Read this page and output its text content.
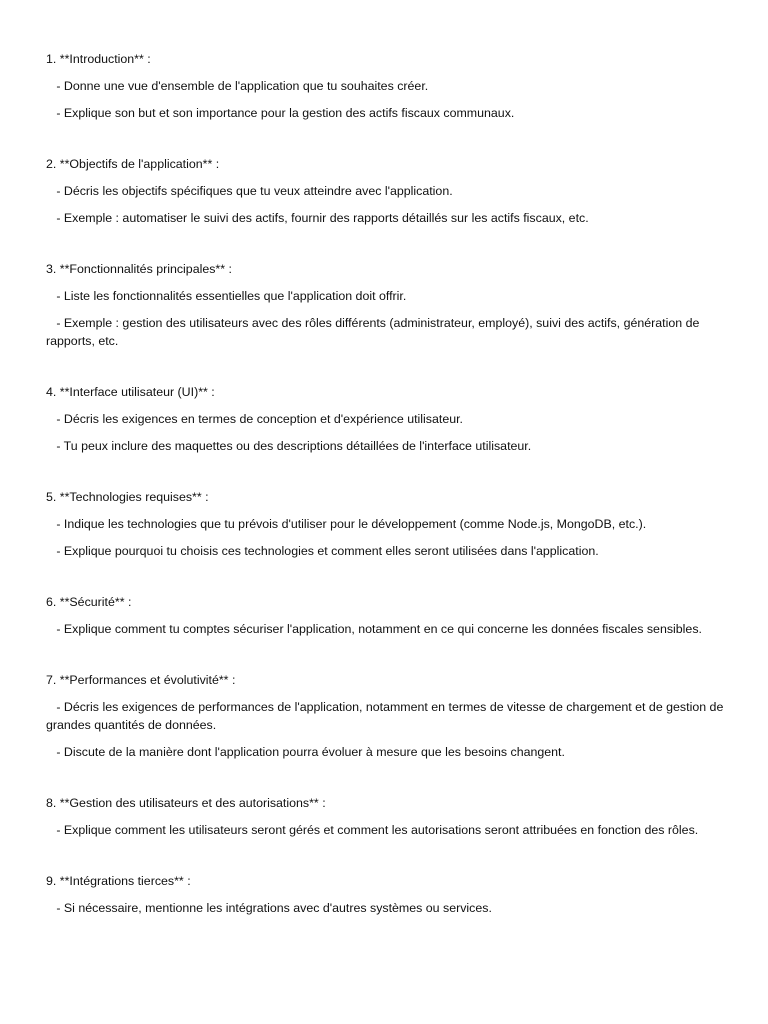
1. **Introduction** :
- Donne une vue d'ensemble de l'application que tu souhaites créer.
- Explique son but et son importance pour la gestion des actifs fiscaux communaux.
2. **Objectifs de l'application** :
- Décris les objectifs spécifiques que tu veux atteindre avec l'application.
- Exemple : automatiser le suivi des actifs, fournir des rapports détaillés sur les actifs fiscaux, etc.
3. **Fonctionnalités principales** :
- Liste les fonctionnalités essentielles que l'application doit offrir.
- Exemple : gestion des utilisateurs avec des rôles différents (administrateur, employé), suivi des actifs, génération de rapports, etc.
4. **Interface utilisateur (UI)** :
- Décris les exigences en termes de conception et d'expérience utilisateur.
- Tu peux inclure des maquettes ou des descriptions détaillées de l'interface utilisateur.
5. **Technologies requises** :
- Indique les technologies que tu prévois d'utiliser pour le développement (comme Node.js, MongoDB, etc.).
- Explique pourquoi tu choisis ces technologies et comment elles seront utilisées dans l'application.
6. **Sécurité** :
- Explique comment tu comptes sécuriser l'application, notamment en ce qui concerne les données fiscales sensibles.
7. **Performances et évolutivité** :
- Décris les exigences de performances de l'application, notamment en termes de vitesse de chargement et de gestion de grandes quantités de données.
- Discute de la manière dont l'application pourra évoluer à mesure que les besoins changent.
8. **Gestion des utilisateurs et des autorisations** :
- Explique comment les utilisateurs seront gérés et comment les autorisations seront attribuées en fonction des rôles.
9. **Intégrations tierces** :
- Si nécessaire, mentionne les intégrations avec d'autres systèmes ou services.
